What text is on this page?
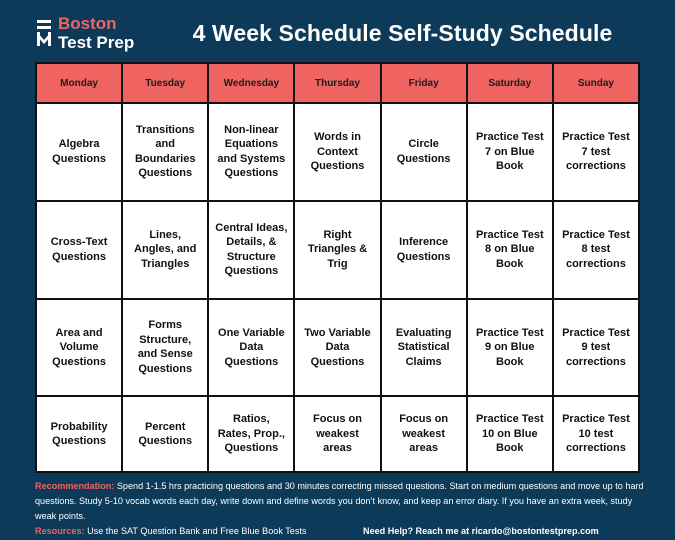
Boston
Test Prep	4 Week Schedule Self-Study Schedule
Monday	Tuesday	Wednesday	Thursday	Friday	Saturday	Sunday
Algebra Questions	Transitions and Boundaries Questions	Non-linear Equations and Systems Questions	Words in Context Questions	Circle Questions	Practice Test 7 on Blue Book	Practice Test 7 test corrections
Cross-Text Questions	Lines, Angles, and Triangles	Central Ideas, Details, & Structure Questions	Right Triangles & Trig	Inference Questions	Practice Test 8 on Blue Book	Practice Test 8 test corrections
Area and Volume Questions	Forms Structure, and Sense Questions	One Variable Data Questions	Two Variable Data Questions	Evaluating Statistical Claims	Practice Test 9 on Blue Book	Practice Test 9 test corrections
Probability Questions	Percent Questions	Ratios, Rates, Prop., Questions	Focus on weakest areas	Focus on weakest areas	Practice Test 10 on Blue Book	Practice Test 10 test corrections
Recommendation: Spend 1-1.5 hrs practicing questions and 30 minutes correcting missed questions. Start on medium questions and move up to hard questions. Study 5-10 vocab words each day, write down and define words you don’t know, and keep an error diary. If you have an extra week, study weak points.
Resources: Use the SAT Question Bank and Free Blue Book Tests	Need Help? Reach me at ricardo@bostontestprep.com
